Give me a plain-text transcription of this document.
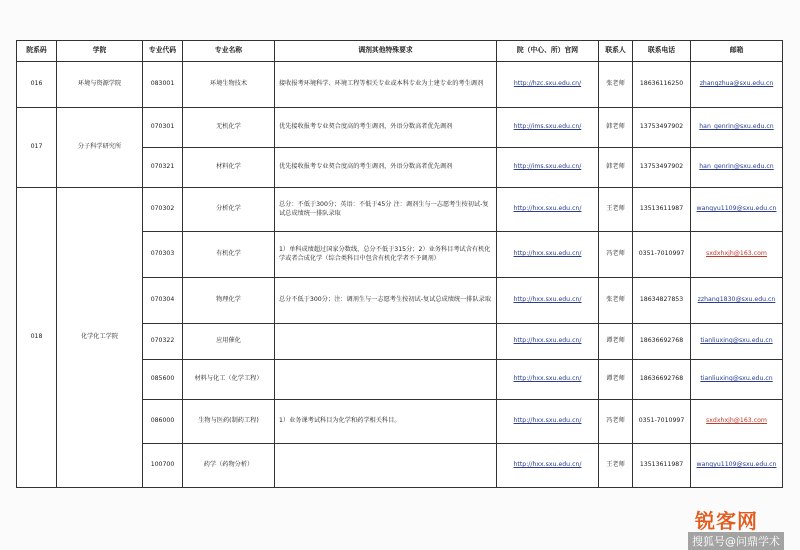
院系码	学院	专业代码	专业名称	调剂其他特殊要求	院（中心、所）官网	联系人	联系电话	邮箱
016	环境与资源学院	083001	环境生物技术	接收报考环境科学、环境工程等相关专业或本科专业为土建专业的考生调剂	http://hzc.sxu.edu.cn/	张老师	18636116250	zhangzhua@sxu.edu.cn
017	分子科学研究所	070301	无机化学	优先接收报考专业契合度高的考生调剂，外语分数高者优先调剂	http://ims.sxu.edu.cn/	韩老师	13753497902	han_genrin@sxu.edu.cn
		070321	材料化学	优先接收报考专业契合度高的考生调剂，外语分数高者优先调剂	http://ims.sxu.edu.cn/	韩老师	13753497902	han_genrin@sxu.edu.cn
018	化学化工学院	070302	分析化学	总分：不低于300分；英语：不低于45分 注：调剂生与一志愿考生按初试-复试总成绩统一排队录取	http://hxx.sxu.edu.cn/	王老师	13513611987	wangyu1109@sxu.edu.cn
		070303	有机化学	1）单科成绩超过国家分数线，总分不低于315分；2）业务科目考试含有机化学或者合成化学（综合类科目中包含有机化学者不予调剂）	http://hxx.sxu.edu.cn/	冯老师	0351-7010997	sxdxhxjh@163.com
		070304	物理化学	总分不低于300分；注：调剂生与一志愿考生按初试-复试总成绩统一排队录取	http://hxx.sxu.edu.cn/	张老师	18634827853	zzhang1830@sxu.edu.cn
		070322	应用催化		http://hxx.sxu.edu.cn/	谭老师	18636692768	tianliuxing@sxu.edu.cn
		085600	材料与化工（化学工程）		http://hxx.sxu.edu.cn/	谭老师	18636692768	tianliuxing@sxu.edu.cn
		086000	生物与医药(制药工程)	1）业务课考试科目为化学和药学相关科目。	http://hxx.sxu.edu.cn/	冯老师	0351-7010997	sxdxhxjh@163.com
		100700	药学（药物分析）		http://hxx.sxu.edu.cn/	王老师	13513611987	wangyu1109@sxu.edu.cn
锐客网
搜狐号@问鼎学术
